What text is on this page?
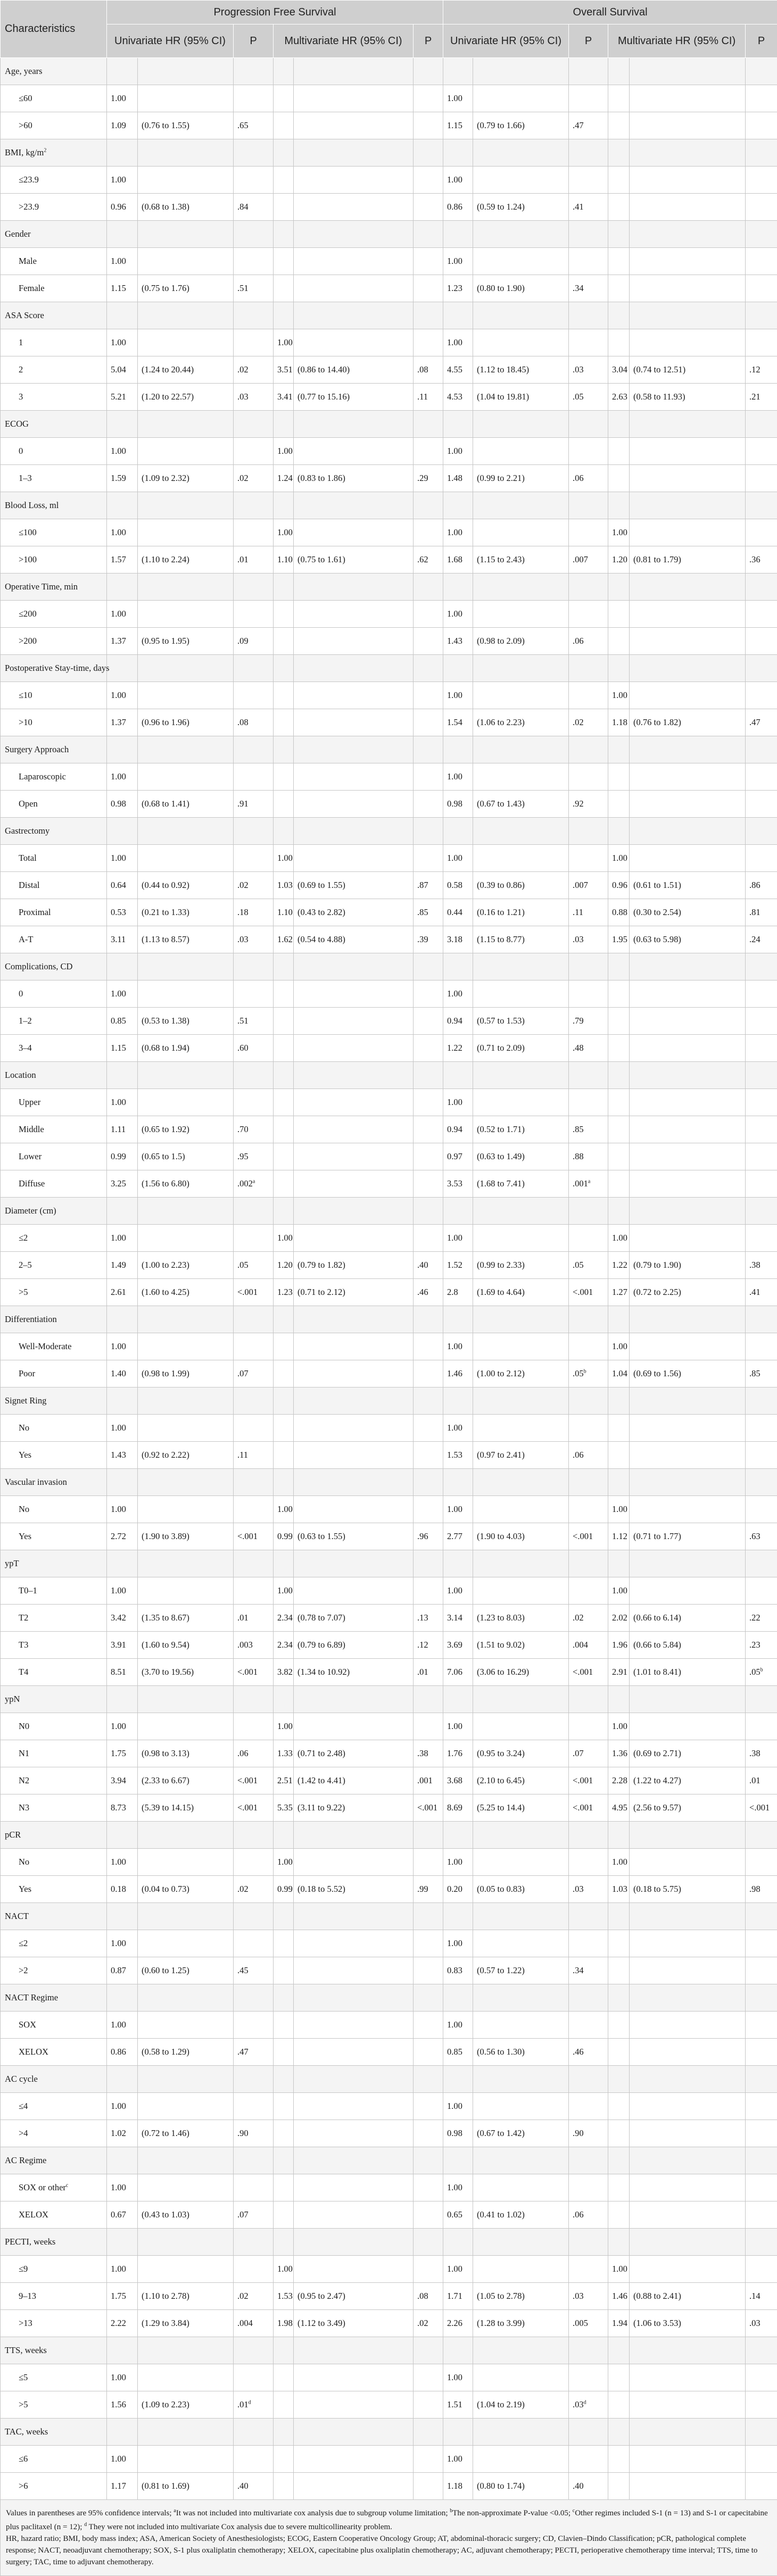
Characteristics	Progression Free Survival						Overall Survival					
	Univariate HR (95% CI)		P	Multivariate HR (95% CI)		P	Univariate HR (95% CI)		P	Multivariate HR (95% CI)		P
Age, years												
≤60	1.00						1.00					
>60	1.09	(0.76 to 1.55)	.65				1.15	(0.79 to 1.66)	.47			
BMI, $kg/m^2$												
≤23.9	1.00						1.00					
>23.9	0.96	(0.68 to 1.38)	.84				0.86	(0.59 to 1.24)	.41			
Gender												
Male	1.00						1.00					
Female	1.15	(0.75 to 1.76)	.51				1.23	(0.80 to 1.90)	.34			
ASA Score												
1	1.00			1.00			1.00					
2	5.04	(1.24 to 20.44)	.02	3.51	(0.86 to 14.40)	.08	4.55	(1.12 to 18.45)	.03	3.04	(0.74 to 12.51)	.12
3	5.21	(1.20 to 22.57)	.03	3.41	(0.77 to 15.16)	.11	4.53	(1.04 to 19.81)	.05	2.63	(0.58 to 11.93)	.21
ECOG												
0	1.00			1.00			1.00					
1–3	1.59	(1.09 to 2.32)	.02	1.24	(0.83 to 1.86)	.29	1.48	(0.99 to 2.21)	.06			
Blood Loss, ml												
≤100	1.00			1.00			1.00			1.00		
>100	1.57	(1.10 to 2.24)	.01	1.10	(0.75 to 1.61)	.62	1.68	(1.15 to 2.43)	.007	1.20	(0.81 to 1.79)	.36
Operative Time, min												
≤200	1.00						1.00					
>200	1.37	(0.95 to 1.95)	.09				1.43	(0.98 to 2.09)	.06			
Postoperative Stay-time, days												
≤10	1.00						1.00			1.00		
>10	1.37	(0.96 to 1.96)	.08				1.54	(1.06 to 2.23)	.02	1.18	(0.76 to 1.82)	.47
Surgery Approach												
Laparoscopic	1.00						1.00					
Open	0.98	(0.68 to 1.41)	.91				0.98	(0.67 to 1.43)	.92			
Gastrectomy												
Total	1.00			1.00			1.00			1.00		
Distal	0.64	(0.44 to 0.92)	.02	1.03	(0.69 to 1.55)	.87	0.58	(0.39 to 0.86)	.007	0.96	(0.61 to 1.51)	.86
Proximal	0.53	(0.21 to 1.33)	.18	1.10	(0.43 to 2.82)	.85	0.44	(0.16 to 1.21)	.11	0.88	(0.30 to 2.54)	.81
A-T	3.11	(1.13 to 8.57)	.03	1.62	(0.54 to 4.88)	.39	3.18	(1.15 to 8.77)	.03	1.95	(0.63 to 5.98)	.24
Complications, CD												
0	1.00						1.00					
1–2	0.85	(0.53 to 1.38)	.51				0.94	(0.57 to 1.53)	.79			
3–4	1.15	(0.68 to 1.94)	.60				1.22	(0.71 to 2.09)	.48			
Location												
Upper	1.00						1.00					
Middle	1.11	(0.65 to 1.92)	.70				0.94	(0.52 to 1.71)	.85			
Lower	0.99	(0.65 to 1.5)	.95				0.97	(0.63 to 1.49)	.88			
Diffuse	3.25	(1.56 to 6.80)	.002$^a$				3.53	(1.68 to 7.41)	.001$^a$			
Diameter (cm)												
≤2	1.00			1.00			1.00			1.00		
2–5	1.49	(1.00 to 2.23)	.05	1.20	(0.79 to 1.82)	.40	1.52	(0.99 to 2.33)	.05	1.22	(0.79 to 1.90)	.38
>5	2.61	(1.60 to 4.25)	<.001	1.23	(0.71 to 2.12)	.46	2.8	(1.69 to 4.64)	<.001	1.27	(0.72 to 2.25)	.41
Differentiation												
Well-Moderate	1.00						1.00			1.00		
Poor	1.40	(0.98 to 1.99)	.07				1.46	(1.00 to 2.12)	.05$^b$	1.04	(0.69 to 1.56)	.85
Signet Ring												
No	1.00						1.00					
Yes	1.43	(0.92 to 2.22)	.11				1.53	(0.97 to 2.41)	.06			
Vascular invasion												
No	1.00			1.00			1.00			1.00		
Yes	2.72	(1.90 to 3.89)	<.001	0.99	(0.63 to 1.55)	.96	2.77	(1.90 to 4.03)	<.001	1.12	(0.71 to 1.77)	.63
ypT												
T0–1	1.00			1.00			1.00			1.00		
T2	3.42	(1.35 to 8.67)	.01	2.34	(0.78 to 7.07)	.13	3.14	(1.23 to 8.03)	.02	2.02	(0.66 to 6.14)	.22
T3	3.91	(1.60 to 9.54)	.003	2.34	(0.79 to 6.89)	.12	3.69	(1.51 to 9.02)	.004	1.96	(0.66 to 5.84)	.23
T4	8.51	(3.70 to 19.56)	<.001	3.82	(1.34 to 10.92)	.01	7.06	(3.06 to 16.29)	<.001	2.91	(1.01 to 8.41)	.05$^b$
ypN												
N0	1.00			1.00			1.00			1.00		
N1	1.75	(0.98 to 3.13)	.06	1.33	(0.71 to 2.48)	.38	1.76	(0.95 to 3.24)	.07	1.36	(0.69 to 2.71)	.38
N2	3.94	(2.33 to 6.67)	<.001	2.51	(1.42 to 4.41)	.001	3.68	(2.10 to 6.45)	<.001	2.28	(1.22 to 4.27)	.01
N3	8.73	(5.39 to 14.15)	<.001	5.35	(3.11 to 9.22)	<.001	8.69	(5.25 to 14.4)	<.001	4.95	(2.56 to 9.57)	<.001
pCR												
No	1.00			1.00			1.00			1.00		
Yes	0.18	(0.04 to 0.73)	.02	0.99	(0.18 to 5.52)	.99	0.20	(0.05 to 0.83)	.03	1.03	(0.18 to 5.75)	.98
NACT												
≤2	1.00						1.00					
>2	0.87	(0.60 to 1.25)	.45				0.83	(0.57 to 1.22)	.34			
NACT Regime												
SOX	1.00						1.00					
XELOX	0.86	(0.58 to 1.29)	.47				0.85	(0.56 to 1.30)	.46			
AC cycle												
≤4	1.00						1.00					
>4	1.02	(0.72 to 1.46)	.90				0.98	(0.67 to 1.42)	.90			
AC Regime												
SOX or other$^c$	1.00						1.00					
XELOX	0.67	(0.43 to 1.03)	.07				0.65	(0.41 to 1.02)	.06			
PECTI, weeks												
≤9	1.00			1.00			1.00			1.00		
9–13	1.75	(1.10 to 2.78)	.02	1.53	(0.95 to 2.47)	.08	1.71	(1.05 to 2.78)	.03	1.46	(0.88 to 2.41)	.14
>13	2.22	(1.29 to 3.84)	.004	1.98	(1.12 to 3.49)	.02	2.26	(1.28 to 3.99)	.005	1.94	(1.06 to 3.53)	.03
TTS, weeks												
≤5	1.00						1.00					
>5	1.56	(1.09 to 2.23)	.01$^d$				1.51	(1.04 to 2.19)	.03$^d$			
TAC, weeks												
≤6	1.00						1.00					
>6	1.17	(0.81 to 1.69)	.40				1.18	(0.80 to 1.74)	.40			
Values in parentheses are 95% confidence intervals; $^a$It was not included into multivariate cox analysis due to subgroup volume limitation; $^b$The non-approximate P-value <0.05; $^c$Other regimes included S-1 (n = 13) and S-1 or capecitabine plus paclitaxel (n = 12); $^d$ They were not included into multivariate Cox analysis due to severe multicollinearity problem.
HR, hazard ratio; BMI, body mass index; ASA, American Society of Anesthesiologists; ECOG, Eastern Cooperative Oncology Group; AT, abdominal-thoracic surgery; CD, Clavien–Dindo Classification; pCR, pathological complete response; NACT, neoadjuvant chemotherapy; SOX, S-1 plus oxaliplatin chemotherapy; XELOX, capecitabine plus oxaliplatin chemotherapy; AC, adjuvant chemotherapy; PECTI, perioperative chemotherapy time interval; TTS, time to surgery; TAC, time to adjuvant chemotherapy.												
